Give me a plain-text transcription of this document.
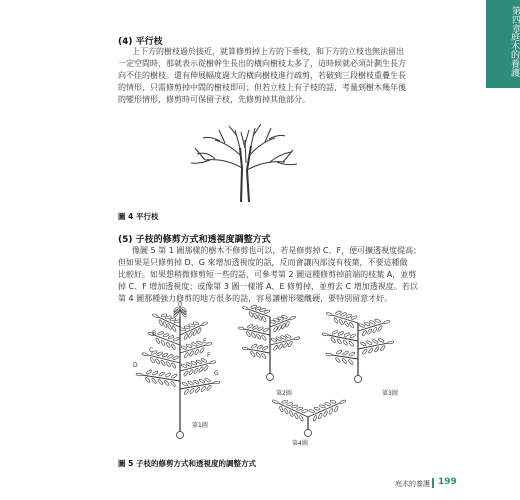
第四章
庭木的養護
(4) 平行枝
上下方的樹枝過於接近，就算修剪掉上方的下垂枝，和下方的立枝也無法留出
一定空間時，那就表示從樹幹生長出的橫向樹枝太多了，這時候就必須計劃生長方
向不佳的樹枝。還有伸展幅度過大的橫向樹枝進行疏剪，若破到三段樹枝重疊生長
的情形，只需修剪掉中間的樹枝即可；但若立枝上有子枝的話，考量到樹木幾年後
的變形情形，修剪時可保留子枝，先修剪掉其他部分。
圖 4 平行枝
(5) 子枝的修剪方式和透視度調整方式
像圖 5 第 1 圖那樣的樹木不修剪也可以，若是修剪掉 C、F，便可擴透視度提高；
但如果是只修剪掉 D、G 來增加透視度的話，反而會讓內部沒有枝葉，不要這種做
比較好。如果想稍微修剪短一些的話，可參考第 2 圖這種修剪掉前端的枝葉 A，並剪
掉 C、F 增加透視度；或像第 3 圖一樣將 A、E 修剪掉，並剪去 C 增加透視度。若以
第 4 圖那種強力修剪的地方很多的話，容易讓樹形變醜硬，要特別留意才好。
A
B
C
D
E
F
G
第1圖
第2圖	第3圖
第4圖
圖 5 子枝的修剪方式和透視度的調整方式
庭木的養護 199
